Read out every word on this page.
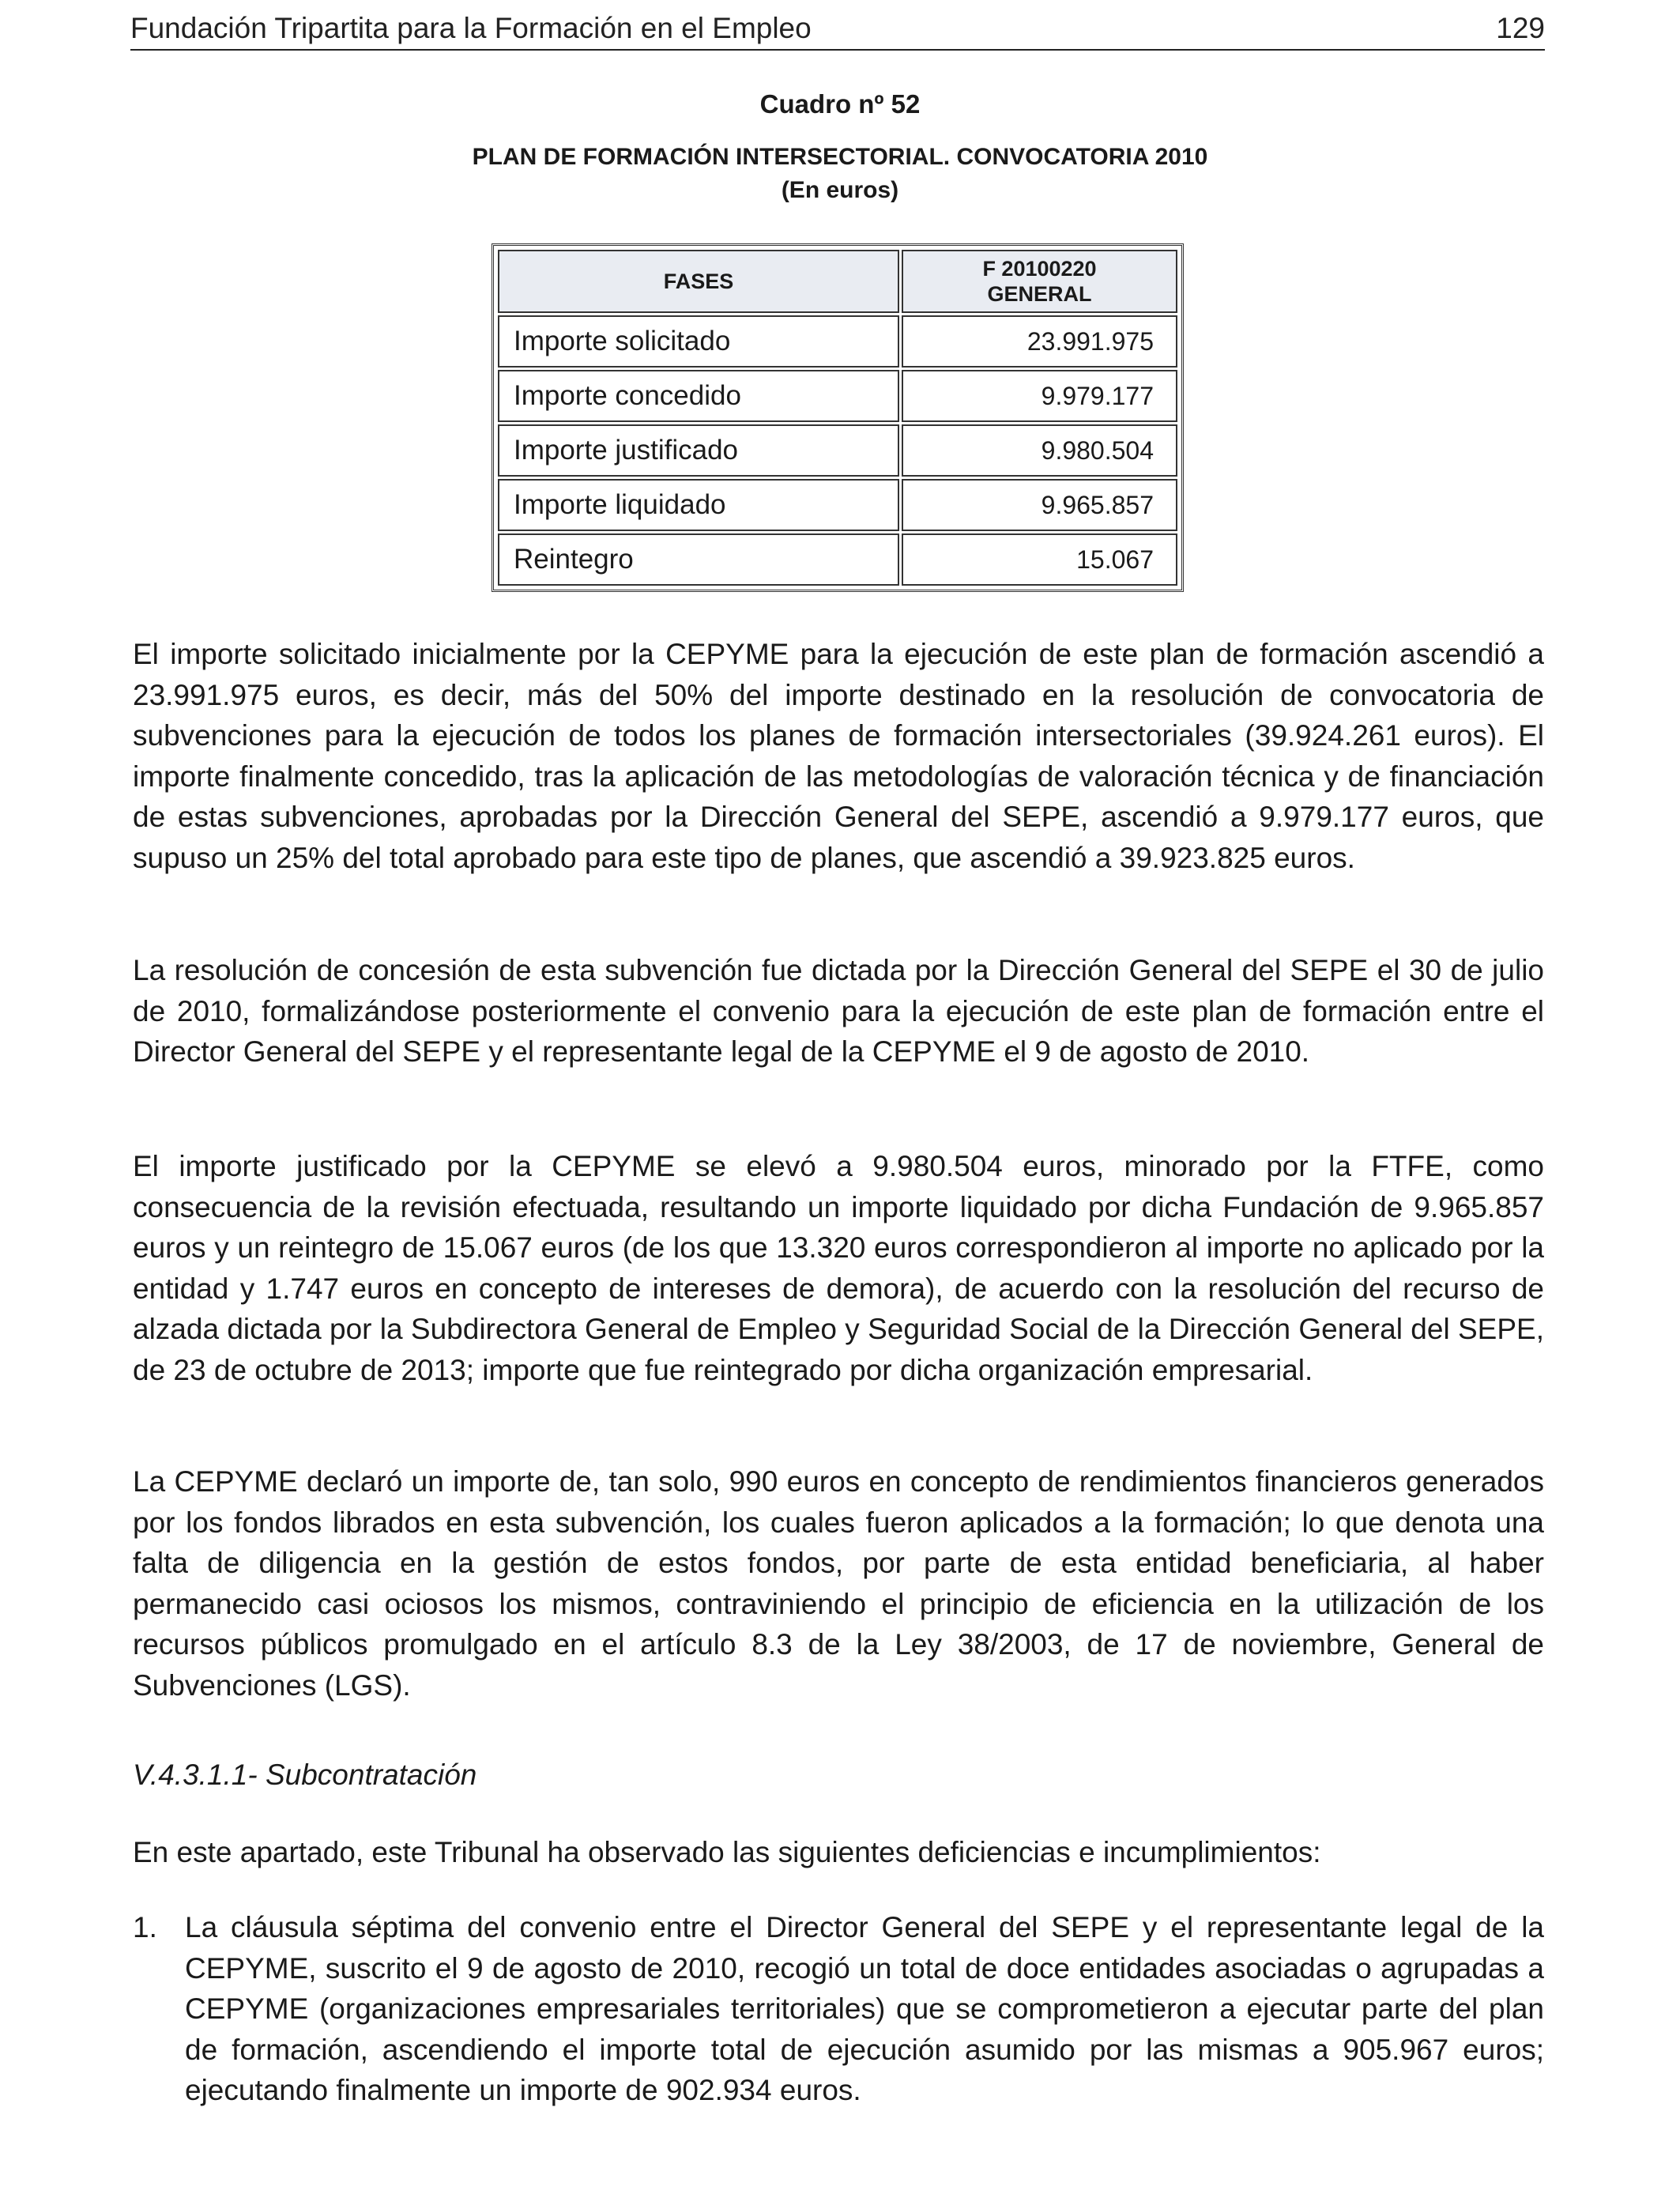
Fundación Tripartita para la Formación en el Empleo	129
Cuadro nº 52
PLAN DE FORMACIÓN INTERSECTORIAL. CONVOCATORIA 2010
(En euros)
FASES	F 20100220
GENERAL
Importe solicitado	23.991.975
Importe concedido	9.979.177
Importe justificado	9.980.504
Importe liquidado	9.965.857
Reintegro	15.067

El importe solicitado inicialmente por la CEPYME para la ejecución de este plan de formación ascendió a 23.991.975 euros, es decir, más del 50% del importe destinado en la resolución de convocatoria de subvenciones para la ejecución de todos los planes de formación intersectoriales (39.924.261 euros). El importe finalmente concedido, tras la aplicación de las metodologías de valoración técnica y de financiación de estas subvenciones, aprobadas por la Dirección General del SEPE, ascendió a 9.979.177 euros, que supuso un 25% del total aprobado para este tipo de planes, que ascendió a 39.923.825 euros.

La resolución de concesión de esta subvención fue dictada por la Dirección General del SEPE el 30 de julio de 2010, formalizándose posteriormente el convenio para la ejecución de este plan de formación entre el Director General del SEPE y el representante legal de la CEPYME el 9 de agosto de 2010.

El importe justificado por la CEPYME se elevó a 9.980.504 euros, minorado por la FTFE, como consecuencia de la revisión efectuada, resultando un importe liquidado por dicha Fundación de 9.965.857 euros y un reintegro de 15.067 euros (de los que 13.320 euros correspondieron al importe no aplicado por la entidad y 1.747 euros en concepto de intereses de demora), de acuerdo con la resolución del recurso de alzada dictada por la Subdirectora General de Empleo y Seguridad Social de la Dirección General del SEPE, de 23 de octubre de 2013; importe que fue reintegrado por dicha organización empresarial.

La CEPYME declaró un importe de, tan solo, 990 euros en concepto de rendimientos financieros generados por los fondos librados en esta subvención, los cuales fueron aplicados a la formación; lo que denota una falta de diligencia en la gestión de estos fondos, por parte de esta entidad beneficiaria, al haber permanecido casi ociosos los mismos, contraviniendo el principio de eficiencia en la utilización de los recursos públicos promulgado en el artículo 8.3 de la Ley 38/2003, de 17 de noviembre, General de Subvenciones (LGS).

V.4.3.1.1- Subcontratación

En este apartado, este Tribunal ha observado las siguientes deficiencias e incumplimientos:

1. La cláusula séptima del convenio entre el Director General del SEPE y el representante legal de la CEPYME, suscrito el 9 de agosto de 2010, recogió un total de doce entidades asociadas o agrupadas a CEPYME (organizaciones empresariales territoriales) que se comprometieron a ejecutar parte del plan de formación, ascendiendo el importe total de ejecución asumido por las mismas a 905.967 euros; ejecutando finalmente un importe de 902.934 euros.
